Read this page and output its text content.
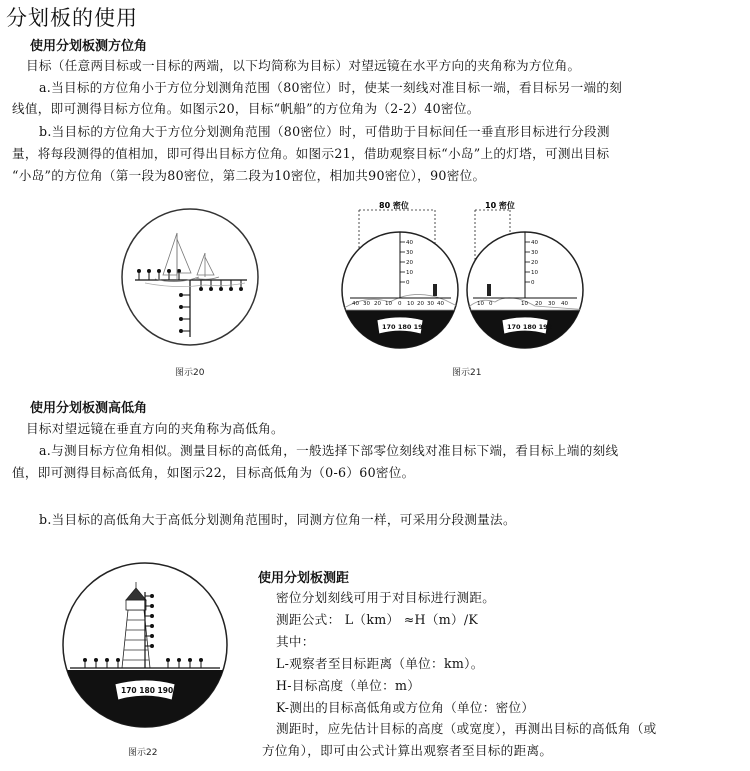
分划板的使用
使用分划板测方位角
目标（任意两目标或一目标的两端，以下均简称为目标）对望远镜在水平方向的夹角称为方位角。
a.当目标的方位角小于方位分划测角范围（80密位）时，使某一刻线对准目标一端，看目标另一端的刻
线值，即可测得目标方位角。如图示20，目标“帆船”的方位角为（2-2）40密位。
b.当目标的方位角大于方位分划测角范围（80密位）时，可借助于目标间任一垂直形目标进行分段测
量，将每段测得的值相加，即可得出目标方位角。如图示21，借助观察目标“小岛”上的灯塔，可测出目标
“小岛”的方位角（第一段为80密位，第二段为10密位，相加共90密位），90密位。
图示20
80 密位	10 密位
40
30
20
10
0
40 30 20 10 0 10 20 30 40
170 180 190
40
30
20
10
0
10 0	10 20 30 40
170 180 190
图示21
使用分划板测高低角
目标对望远镜在垂直方向的夹角称为高低角。
a.与测目标方位角相似。测量目标的高低角，一般选择下部零位刻线对准目标下端，看目标上端的刻线
值，即可测得目标高低角，如图示22，目标高低角为（0-6）60密位。
b.当目标的高低角大于高低分划测角范围时，同测方位角一样，可采用分段测量法。
170 180 190
图示22
使用分划板测距
密位分划刻线可用于对目标进行测距。
测距公式： L（km） ≈H（m）/K
其中：
L-观察者至目标距离（单位：km）。
H-目标高度（单位：m）
K-测出的目标高低角或方位角（单位：密位）
测距时，应先估计目标的高度（或宽度），再测出目标的高低角（或
方位角），即可由公式计算出观察者至目标的距离。
